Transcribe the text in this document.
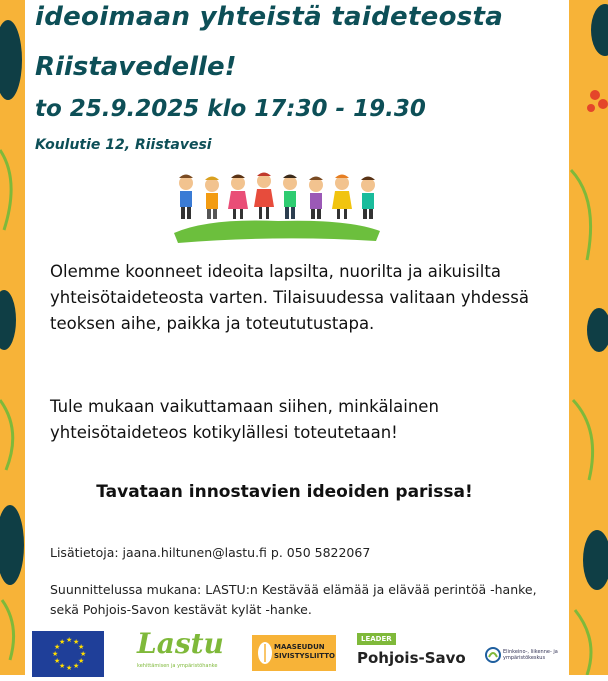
ideoimaan yhteistä taideteosta
Riistavedelle!
to 25.9.2025 klo 17:30 - 19.30
Koulutie 12, Riistavesi
Olemme koonneet ideoita lapsilta, nuorilta ja aikuisilta yhteisötaideteosta varten. Tilaisuudessa valitaan yhdessä teoksen aihe, paikka ja toteututustapa.
Tule mukaan vaikuttamaan siihen, minkälainen yhteisötaideteos kotikylällesi toteutetaan!
Tavataan innostavien ideoiden parissa!
Lisätietoja: jaana.hiltunen@lastu.fi p. 050 5822067
Suunnittelussa mukana: LASTU:n Kestävää elämää ja elävää perintöä -hanke, sekä Pohjois-Savon kestävät kylät -hanke.
★ ★
★
★
★
★
★
★
★
★
★
★	Lastu
kehittämisen ja ympäristöhanke
MAASEUDUN SIVISTYSLIITTO
LEADER
Pohjois-Savo	Elinkeino-, liikenne- ja ympäristökeskus
